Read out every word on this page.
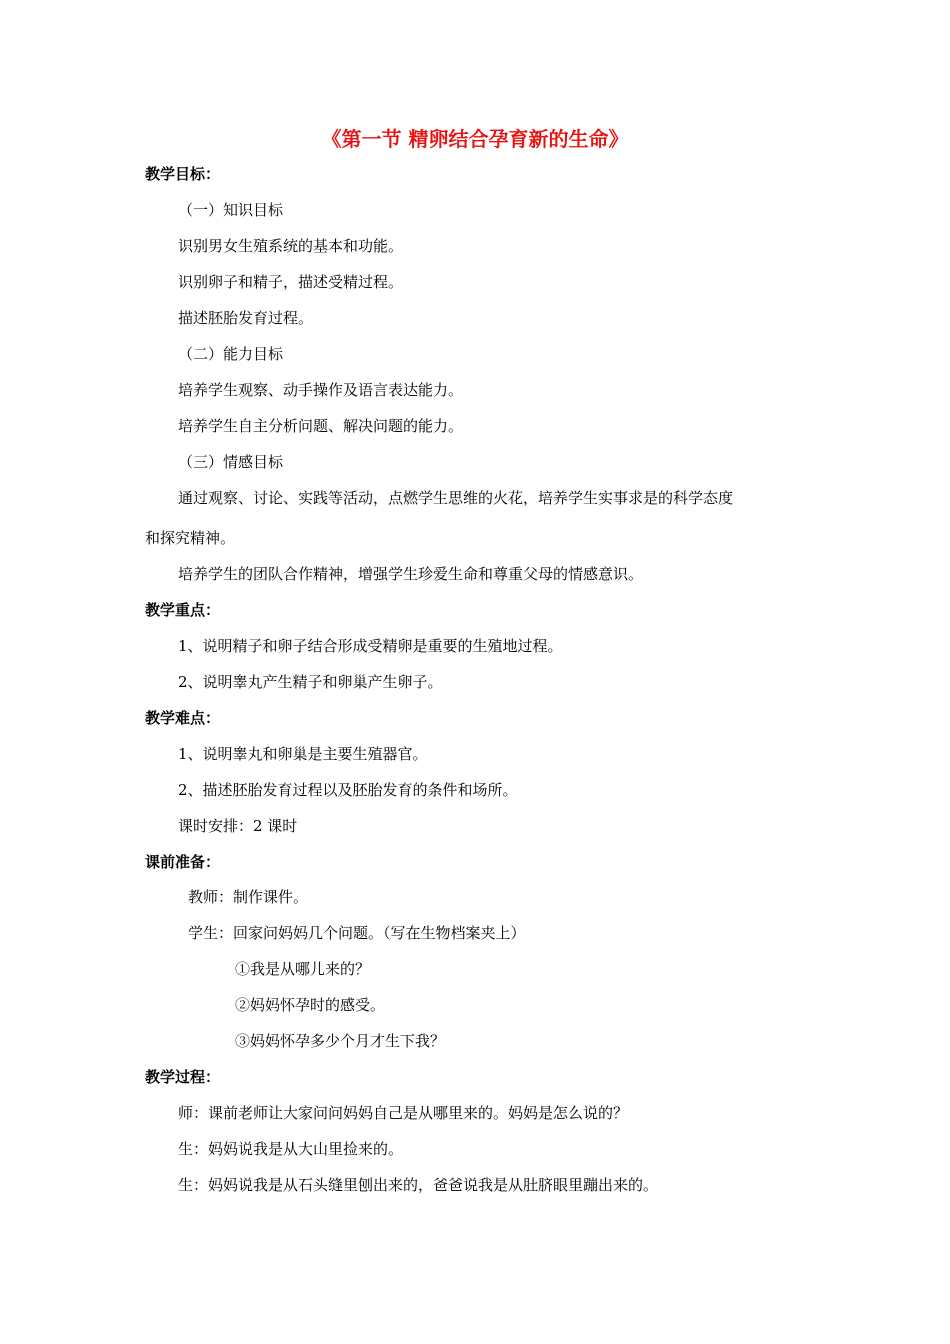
《第一节 精卵结合孕育新的生命》
教学目标：
（一）知识目标
识别男女生殖系统的基本和功能。
识别卵子和精子，描述受精过程。
描述胚胎发育过程。
（二）能力目标
培养学生观察、动手操作及语言表达能力。
培养学生自主分析问题、解决问题的能力。
（三）情感目标
通过观察、讨论、实践等活动，点燃学生思维的火花，培养学生实事求是的科学态度
和探究精神。
培养学生的团队合作精神，增强学生珍爱生命和尊重父母的情感意识。
教学重点：
1、说明精子和卵子结合形成受精卵是重要的生殖地过程。
2、说明睾丸产生精子和卵巢产生卵子。
教学难点：
1、说明睾丸和卵巢是主要生殖器官。
2、描述胚胎发育过程以及胚胎发育的条件和场所。
课时安排：2 课时
课前准备：
教师：制作课件。
学生：回家问妈妈几个问题。（写在生物档案夹上）
①我是从哪儿来的？
②妈妈怀孕时的感受。
③妈妈怀孕多少个月才生下我？
教学过程：
师：课前老师让大家问问妈妈自己是从哪里来的。妈妈是怎么说的？
生：妈妈说我是从大山里捡来的。
生：妈妈说我是从石头缝里刨出来的，爸爸说我是从肚脐眼里蹦出来的。
